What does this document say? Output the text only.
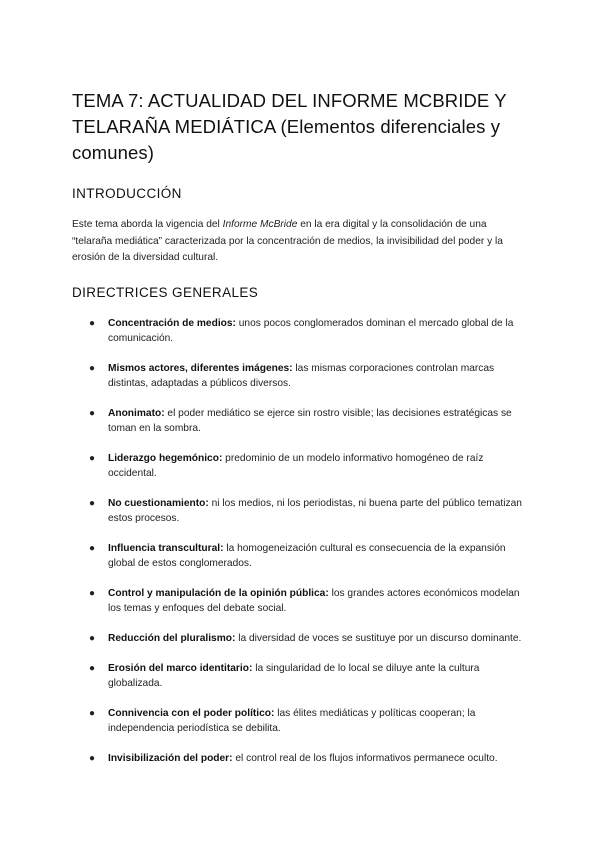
TEMA 7: ACTUALIDAD DEL INFORME MCBRIDE Y TELARAÑA MEDIÁTICA (Elementos diferenciales y comunes)
INTRODUCCIÓN

Este tema aborda la vigencia del Informe McBride en la era digital y la consolidación de una “telaraña mediática” caracterizada por la concentración de medios, la invisibilidad del poder y la erosión de la diversidad cultural.

DIRECTRICES GENERALES
● Concentración de medios: unos pocos conglomerados dominan el mercado global de la comunicación.
● Mismos actores, diferentes imágenes: las mismas corporaciones controlan marcas distintas, adaptadas a públicos diversos.
● Anonimato: el poder mediático se ejerce sin rostro visible; las decisiones estratégicas se toman en la sombra.
● Liderazgo hegemónico: predominio de un modelo informativo homogéneo de raíz occidental.
● No cuestionamiento: ni los medios, ni los periodistas, ni buena parte del público tematizan estos procesos.
● Influencia transcultural: la homogeneización cultural es consecuencia de la expansión global de estos conglomerados.
● Control y manipulación de la opinión pública: los grandes actores económicos modelan los temas y enfoques del debate social.
● Reducción del pluralismo: la diversidad de voces se sustituye por un discurso dominante.
● Erosión del marco identitario: la singularidad de lo local se diluye ante la cultura globalizada.
● Connivencia con el poder político: las élites mediáticas y políticas cooperan; la independencia periodística se debilita.
● Invisibilización del poder: el control real de los flujos informativos permanece oculto.
